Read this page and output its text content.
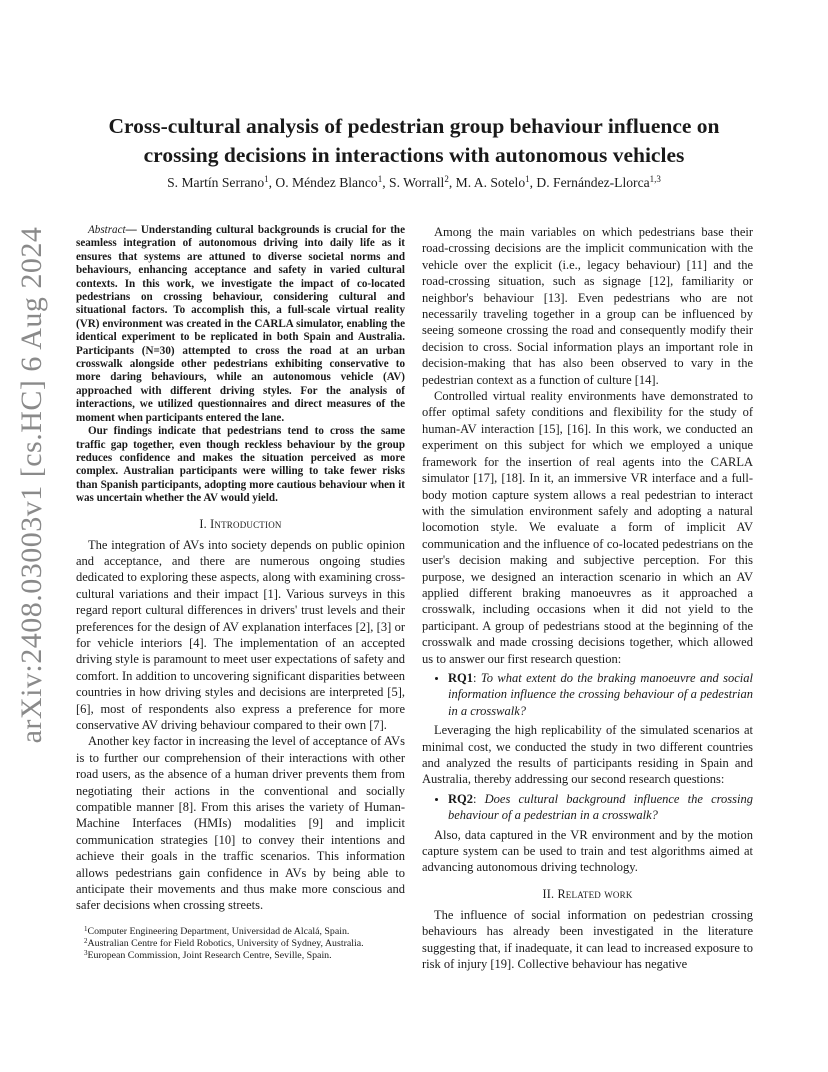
arXiv:2408.03003v1 [cs.HC] 6 Aug 2024
Cross-cultural analysis of pedestrian group behaviour influence on crossing decisions in interactions with autonomous vehicles
S. Martín Serrano$^1$, O. Méndez Blanco$^1$, S. Worrall$^2$, M. A. Sotelo$^1$, D. Fernández-Llorca$^{1,3}$

Abstract— Understanding cultural backgrounds is crucial for the seamless integration of autonomous driving into daily life as it ensures that systems are attuned to diverse societal norms and behaviours, enhancing acceptance and safety in varied cultural contexts. In this work, we investigate the impact of co-located pedestrians on crossing behaviour, considering cultural and situational factors. To accomplish this, a full-scale virtual reality (VR) environment was created in the CARLA simulator, enabling the identical experiment to be replicated in both Spain and Australia. Participants (N=30) attempted to cross the road at an urban crosswalk alongside other pedestrians exhibiting conservative to more daring behaviours, while an autonomous vehicle (AV) approached with different driving styles. For the analysis of interactions, we utilized questionnaires and direct measures of the moment when participants entered the lane.

Our findings indicate that pedestrians tend to cross the same traffic gap together, even though reckless behaviour by the group reduces confidence and makes the situation perceived as more complex. Australian participants were willing to take fewer risks than Spanish participants, adopting more cautious behaviour when it was uncertain whether the AV would yield.

I. Introduction

The integration of AVs into society depends on public opinion and acceptance, and there are numerous ongoing studies dedicated to exploring these aspects, along with examining cross-cultural variations and their impact [1]. Various surveys in this regard report cultural differences in drivers' trust levels and their preferences for the design of AV explanation interfaces [2], [3] or for vehicle interiors [4]. The implementation of an accepted driving style is paramount to meet user expectations of safety and comfort. In addition to uncovering significant disparities between countries in how driving styles and decisions are interpreted [5], [6], most of respondents also express a preference for more conservative AV driving behaviour compared to their own [7].

Another key factor in increasing the level of acceptance of AVs is to further our comprehension of their interactions with other road users, as the absence of a human driver prevents them from negotiating their actions in the conventional and socially compatible manner [8]. From this arises the variety of Human-Machine Interfaces (HMIs) modalities [9] and implicit communication strategies [10] to convey their intentions and achieve their goals in the traffic scenarios. This information allows pedestrians gain confidence in AVs by being able to anticipate their movements and thus make more conscious and safer decisions when crossing streets.

$^1$Computer Engineering Department, Universidad de Alcalá, Spain.
$^2$Australian Centre for Field Robotics, University of Sydney, Australia.
$^3$European Commission, Joint Research Centre, Seville, Spain.

Among the main variables on which pedestrians base their road-crossing decisions are the implicit communication with the vehicle over the explicit (i.e., legacy behaviour) [11] and the road-crossing situation, such as signage [12], familiarity or neighbor's behaviour [13]. Even pedestrians who are not necessarily traveling together in a group can be influenced by seeing someone crossing the road and consequently modify their decision to cross. Social information plays an important role in decision-making that has also been observed to vary in the pedestrian context as a function of culture [14].

Controlled virtual reality environments have demonstrated to offer optimal safety conditions and flexibility for the study of human-AV interaction [15], [16]. In this work, we conducted an experiment on this subject for which we employed a unique framework for the insertion of real agents into the CARLA simulator [17], [18]. In it, an immersive VR interface and a full-body motion capture system allows a real pedestrian to interact with the simulation environment safely and adopting a natural locomotion style. We evaluate a form of implicit AV communication and the influence of co-located pedestrians on the user's decision making and subjective perception. For this purpose, we designed an interaction scenario in which an AV applied different braking manoeuvres as it approached a crosswalk, including occasions when it did not yield to the participant. A group of pedestrians stood at the beginning of the crosswalk and made crossing decisions together, which allowed us to answer our first research question:

• RQ1: To what extent do the braking manoeuvre and social information influence the crossing behaviour of a pedestrian in a crosswalk?

Leveraging the high replicability of the simulated scenarios at minimal cost, we conducted the study in two different countries and analyzed the results of participants residing in Spain and Australia, thereby addressing our second research questions:

• RQ2: Does cultural background influence the crossing behaviour of a pedestrian in a crosswalk?

Also, data captured in the VR environment and by the motion capture system can be used to train and test algorithms aimed at advancing autonomous driving technology.

II. Related work

The influence of social information on pedestrian crossing behaviours has already been investigated in the literature suggesting that, if inadequate, it can lead to increased exposure to risk of injury [19]. Collective behaviour has negative
